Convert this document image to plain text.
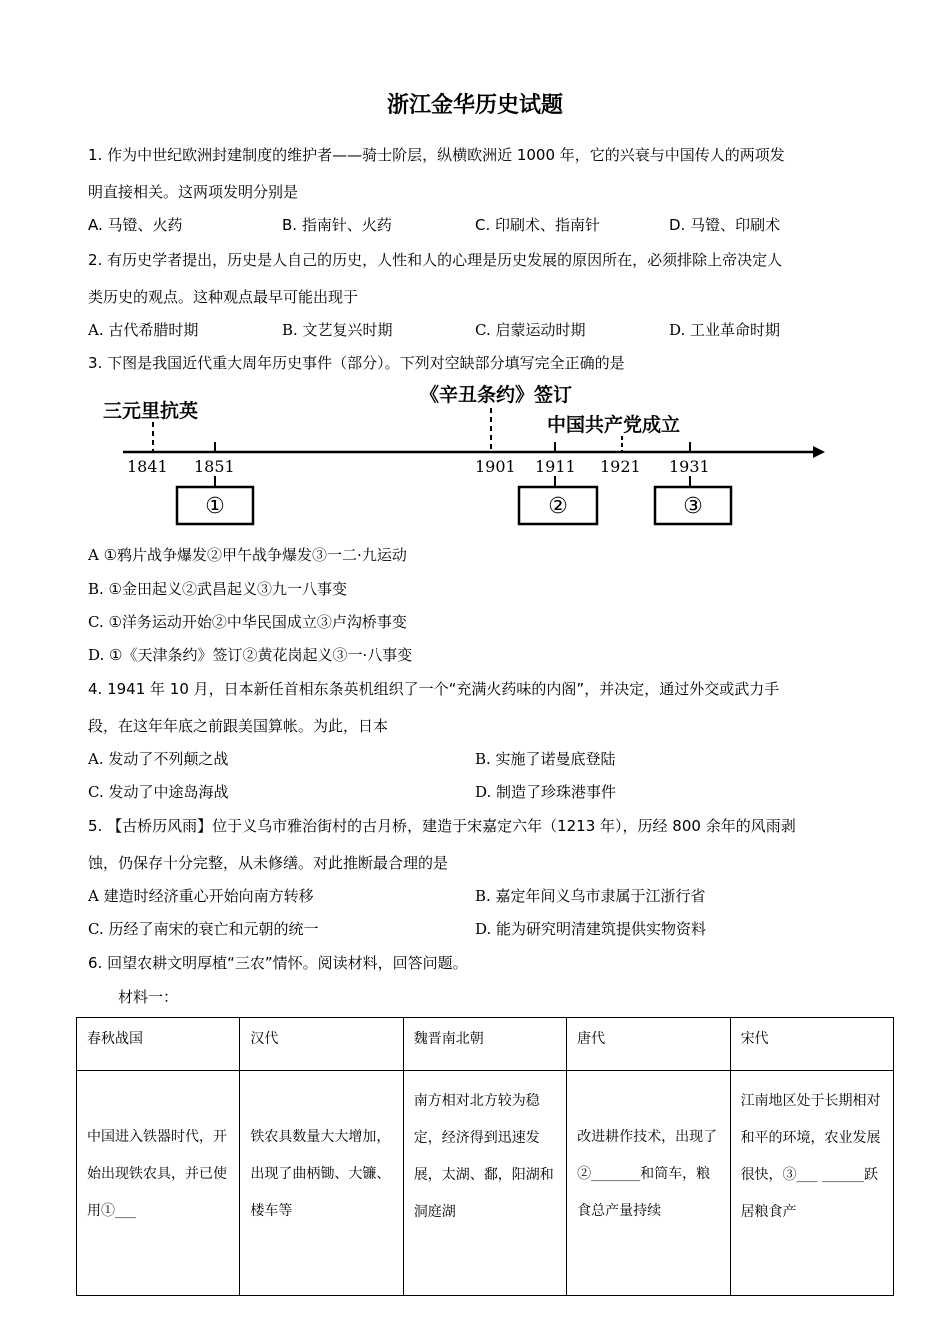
浙江金华历史试题
1. 作为中世纪欧洲封建制度的维护者——骑士阶层，纵横欧洲近 1000 年，它的兴衰与中国传人的两项发
明直接相关。这两项发明分别是
A. 马镫、火药	B. 指南针、火药	C. 印刷术、指南针	D. 马镫、印刷术
2. 有历史学者提出，历史是人自己的历史，人性和人的心理是历史发展的原因所在，必须排除上帝决定人
类历史的观点。这种观点最早可能出现于
A. 古代希腊时期	B. 文艺复兴时期	C. 启蒙运动时期	D. 工业革命时期
3. 下图是我国近代重大周年历史事件（部分）。下列对空缺部分填写完全正确的是
三元里抗英
《辛丑条约》签订
中国共产党成立
1841 1851	1901 1911 1921 1931
①	②	③
A ①鸦片战争爆发②甲午战争爆发③一二·九运动
B. ①金田起义②武昌起义③九一八事变
C. ①洋务运动开始②中华民国成立③卢沟桥事变
D. ①《天津条约》签订②黄花岗起义③一·八事变
4. 1941 年 10 月，日本新任首相东条英机组织了一个“充满火药味的内阁”，并决定，通过外交或武力手
段，在这年年底之前跟美国算帐。为此，日本
A. 发动了不列颠之战	B. 实施了诺曼底登陆
C. 发动了中途岛海战	D. 制造了珍珠港事件
5. 【古桥历风雨】位于义乌市雅治街村的古月桥，建造于宋嘉定六年（1213 年），历经 800 余年的风雨剥
蚀，仍保存十分完整，从未修缮。对此推断最合理的是
A 建造时经济重心开始向南方转移	B. 嘉定年间义乌市隶属于江浙行省
C. 历经了南宋的衰亡和元朝的统一	D. 能为研究明清建筑提供实物资料
6. 回望农耕文明厚植“三农”情怀。阅读材料，回答问题。
材料一：
春秋战国	汉代	魏晋南北朝	唐代	宋代
中国进入铁器时代，开始出现铁农具，并已使用①___	铁农具数量大大增加，出现了曲柄锄、大镰、楼车等	南方相对北方较为稳定，经济得到迅速发展，太湖、鄱，阳湖和洞庭湖	改进耕作技术，出现了②_______和筒车，粮食总产量持续	江南地区处于长期相对和平的环境，农业发展很快，③___ ______跃居粮食产
